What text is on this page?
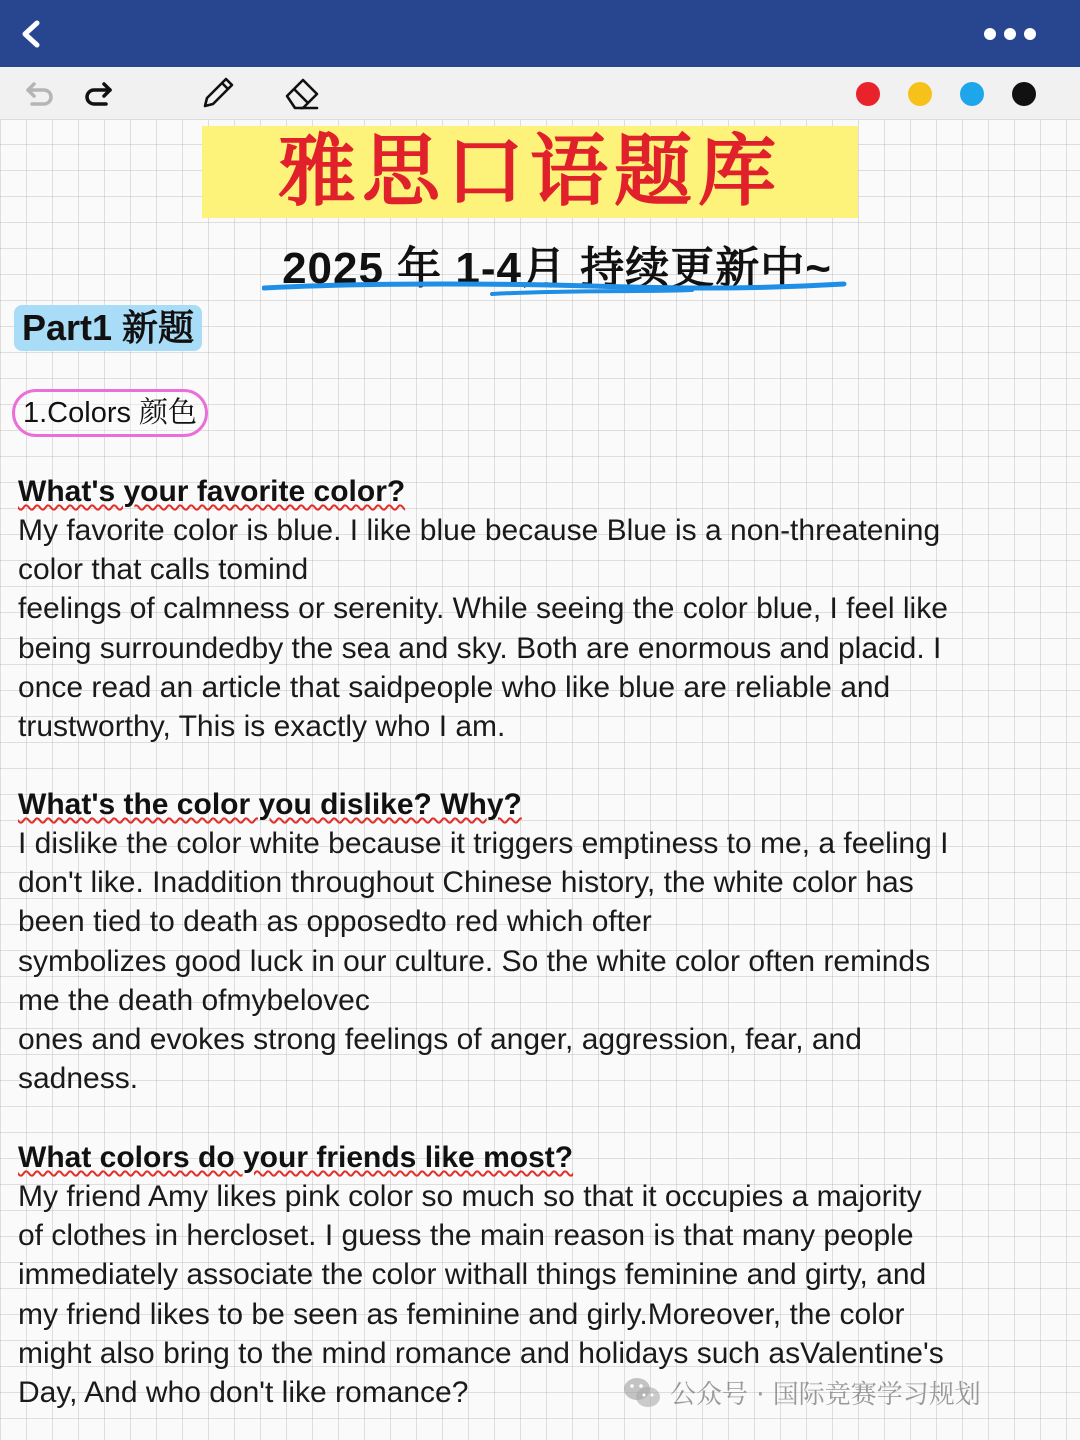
雅思口语题库
2025 年 1-4月 持续更新中~
Part1 新题
1.Colors 颜色

What's your favorite color?

My favorite color is blue. I like blue because Blue is a non-threatening

color that calls tomind

feelings of calmness or serenity. While seeing the color blue, I feel like

being surroundedby the sea and sky. Both are enormous and placid. I

once read an article that saidpeople who like blue are reliable and

trustworthy, This is exactly who I am.

What's the color you dislike? Why?

I dislike the color white because it triggers emptiness to me, a feeling I

don't like. Inaddition throughout Chinese history, the white color has

been tied to death as opposedto red which ofter

symbolizes good luck in our culture. So the white color often reminds

me the death ofmybelovec

ones and evokes strong feelings of anger, aggression, fear, and

sadness.

What colors do your friends like most?

My friend Amy likes pink color so much so that it occupies a majority

of clothes in hercloset. I guess the main reason is that many people

immediately associate the color withall things feminine and girty, and

my friend likes to be seen as feminine and girly.Moreover, the color

might also bring to the mind romance and holidays such asValentine's

Day, And who don't like romance?	公众号 · 国际竞赛学习规划
